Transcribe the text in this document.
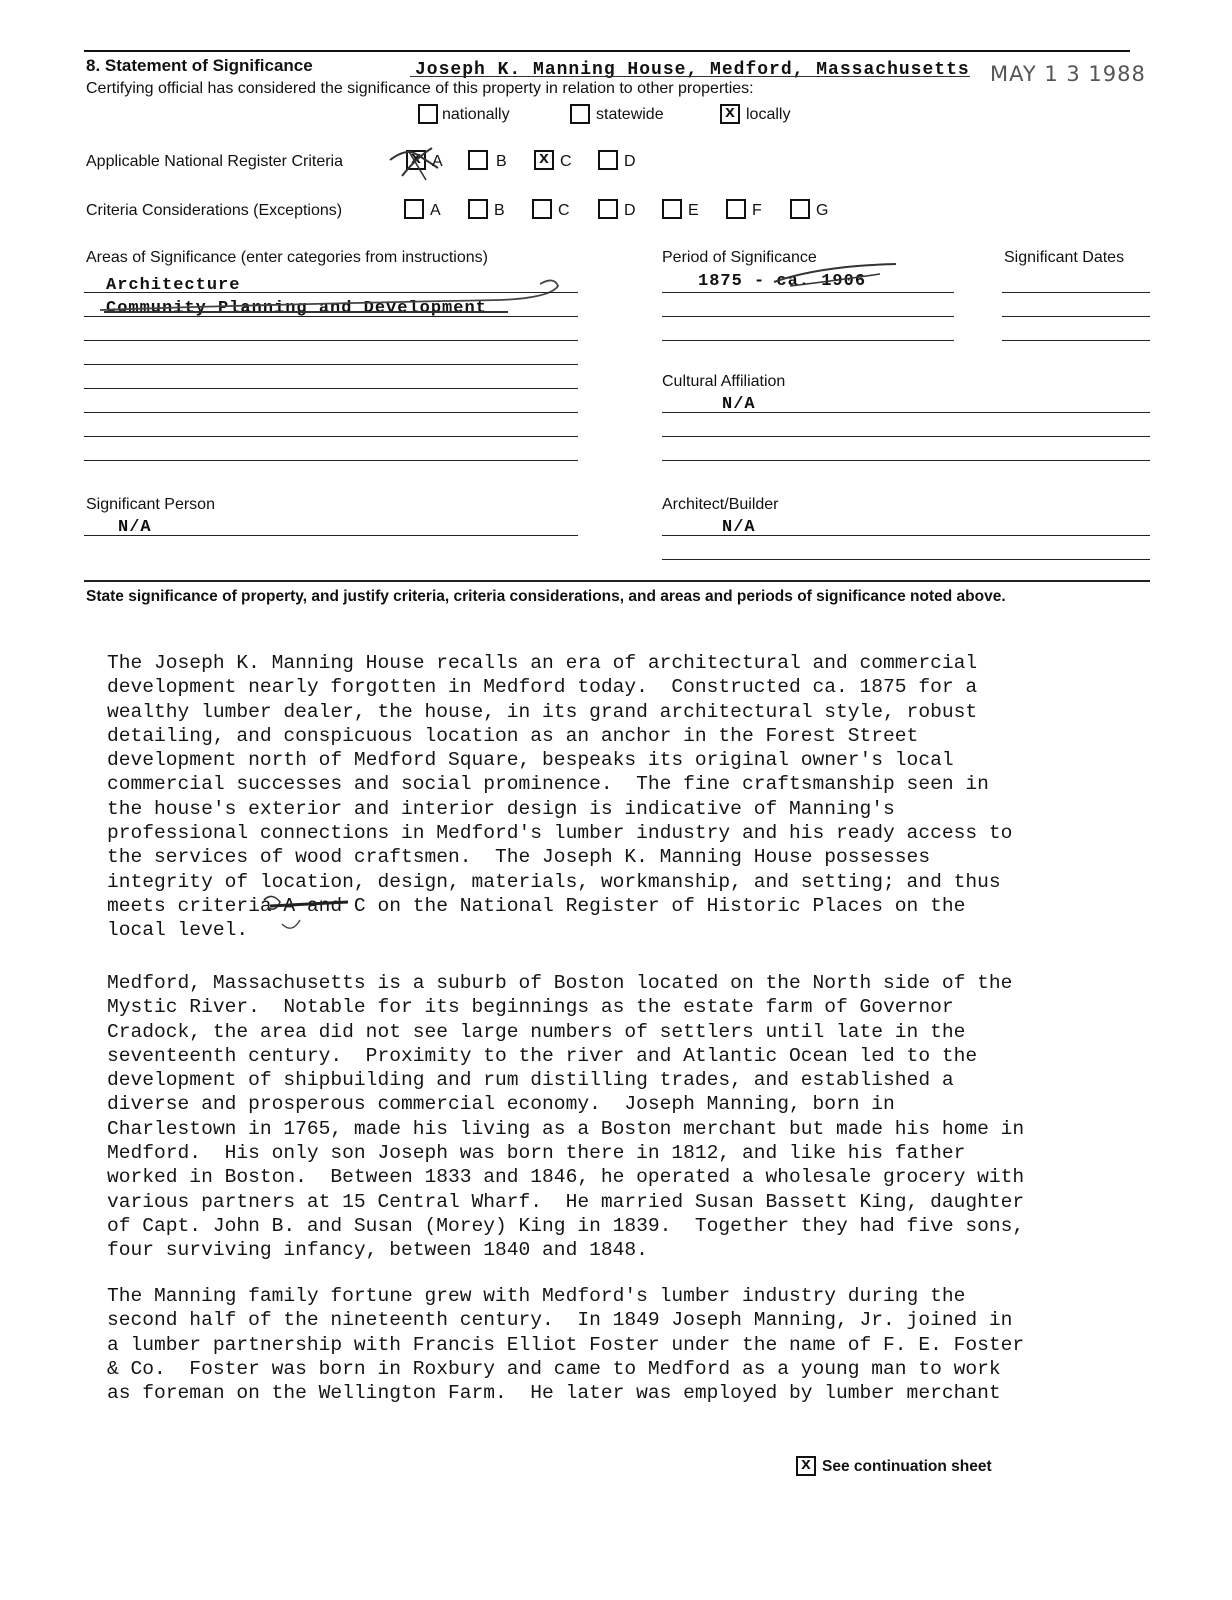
8. Statement of Significance	Joseph K. Manning House, Medford, Massachusetts MAY 1 3 1988
Certifying official has considered the significance of this property in relation to other properties:
nationally	statewide	x locally
Applicable National Register Criteria	x A	B x C	D
Criteria Considerations (Exceptions)	A	B	C	D	E	F	G
Areas of Significance (enter categories from instructions)
Architecture
Community Planning and Development
Period of Significance
1875 - ca. 1906
Significant Dates
Cultural Affiliation
N/A
Significant Person
N/A
Architect/Builder
N/A
State significance of property, and justify criteria, criteria considerations, and areas and periods of significance noted above.
The Joseph K. Manning House recalls an era of architectural and commercial
development nearly forgotten in Medford today.  Constructed ca. 1875 for a
wealthy lumber dealer, the house, in its grand architectural style, robust
detailing, and conspicuous location as an anchor in the Forest Street
development north of Medford Square, bespeaks its original owner's local
commercial successes and social prominence.  The fine craftsmanship seen in
the house's exterior and interior design is indicative of Manning's
professional connections in Medford's lumber industry and his ready access to
the services of wood craftsmen.  The Joseph K. Manning House possesses
integrity of location, design, materials, workmanship, and setting; and thus
meets criteria A and C on the National Register of Historic Places on the
local level.
Medford, Massachusetts is a suburb of Boston located on the North side of the
Mystic River.  Notable for its beginnings as the estate farm of Governor
Cradock, the area did not see large numbers of settlers until late in the
seventeenth century.  Proximity to the river and Atlantic Ocean led to the
development of shipbuilding and rum distilling trades, and established a
diverse and prosperous commercial economy.  Joseph Manning, born in
Charlestown in 1765, made his living as a Boston merchant but made his home in
Medford.  His only son Joseph was born there in 1812, and like his father
worked in Boston.  Between 1833 and 1846, he operated a wholesale grocery with
various partners at 15 Central Wharf.  He married Susan Bassett King, daughter
of Capt. John B. and Susan (Morey) King in 1839.  Together they had five sons,
four surviving infancy, between 1840 and 1848.
The Manning family fortune grew with Medford's lumber industry during the
second half of the nineteenth century.  In 1849 Joseph Manning, Jr. joined in
a lumber partnership with Francis Elliot Foster under the name of F. E. Foster
& Co.  Foster was born in Roxbury and came to Medford as a young man to work
as foreman on the Wellington Farm.  He later was employed by lumber merchant
x See continuation sheet
